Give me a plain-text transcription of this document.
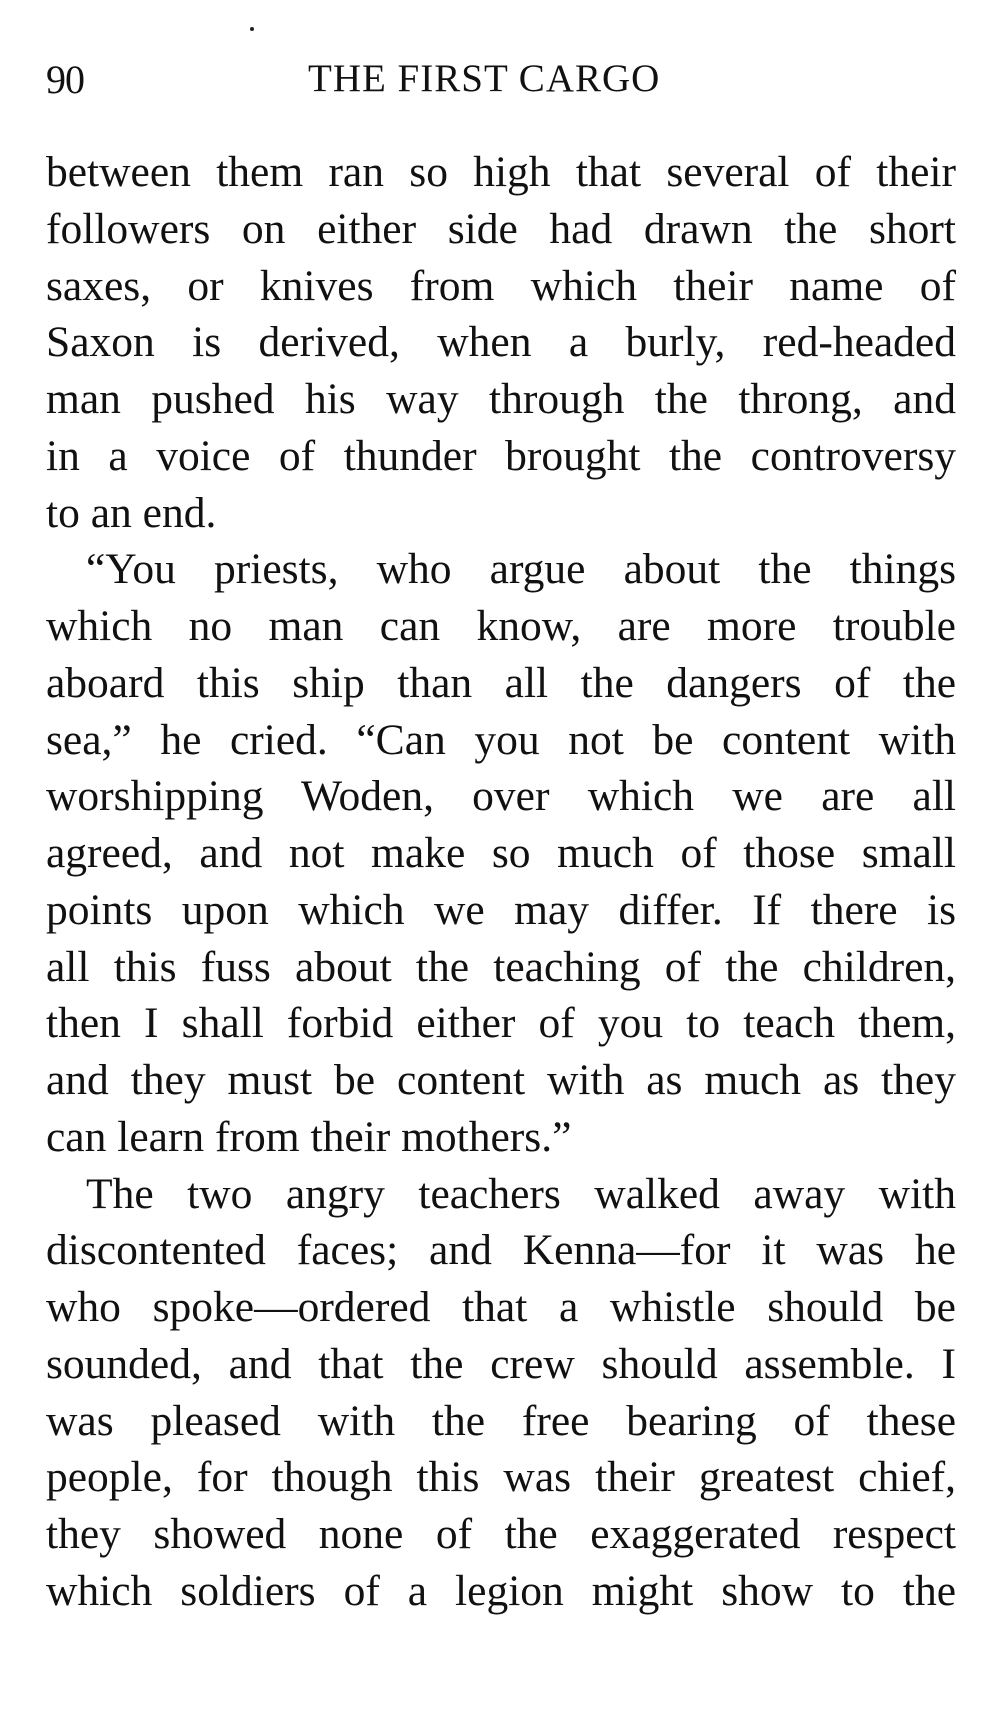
90	THE FIRST CARGO
between them ran so high that several of their
followers on either side had drawn the short
saxes, or knives from which their name of
Saxon is derived, when a burly, red-headed
man pushed his way through the throng, and
in a voice of thunder brought the controversy
to an end.
“You priests, who argue about the things
which no man can know, are more trouble
aboard this ship than all the dangers of the
sea,” he cried. “Can you not be content with
worshipping Woden, over which we are all
agreed, and not make so much of those small
points upon which we may differ. If there is
all this fuss about the teaching of the children,
then I shall forbid either of you to teach them,
and they must be content with as much as they
can learn from their mothers.”
The two angry teachers walked away with
discontented faces; and Kenna—for it was he
who spoke—ordered that a whistle should be
sounded, and that the crew should assemble. I
was pleased with the free bearing of these
people, for though this was their greatest chief,
they showed none of the exaggerated respect
which soldiers of a legion might show to the
